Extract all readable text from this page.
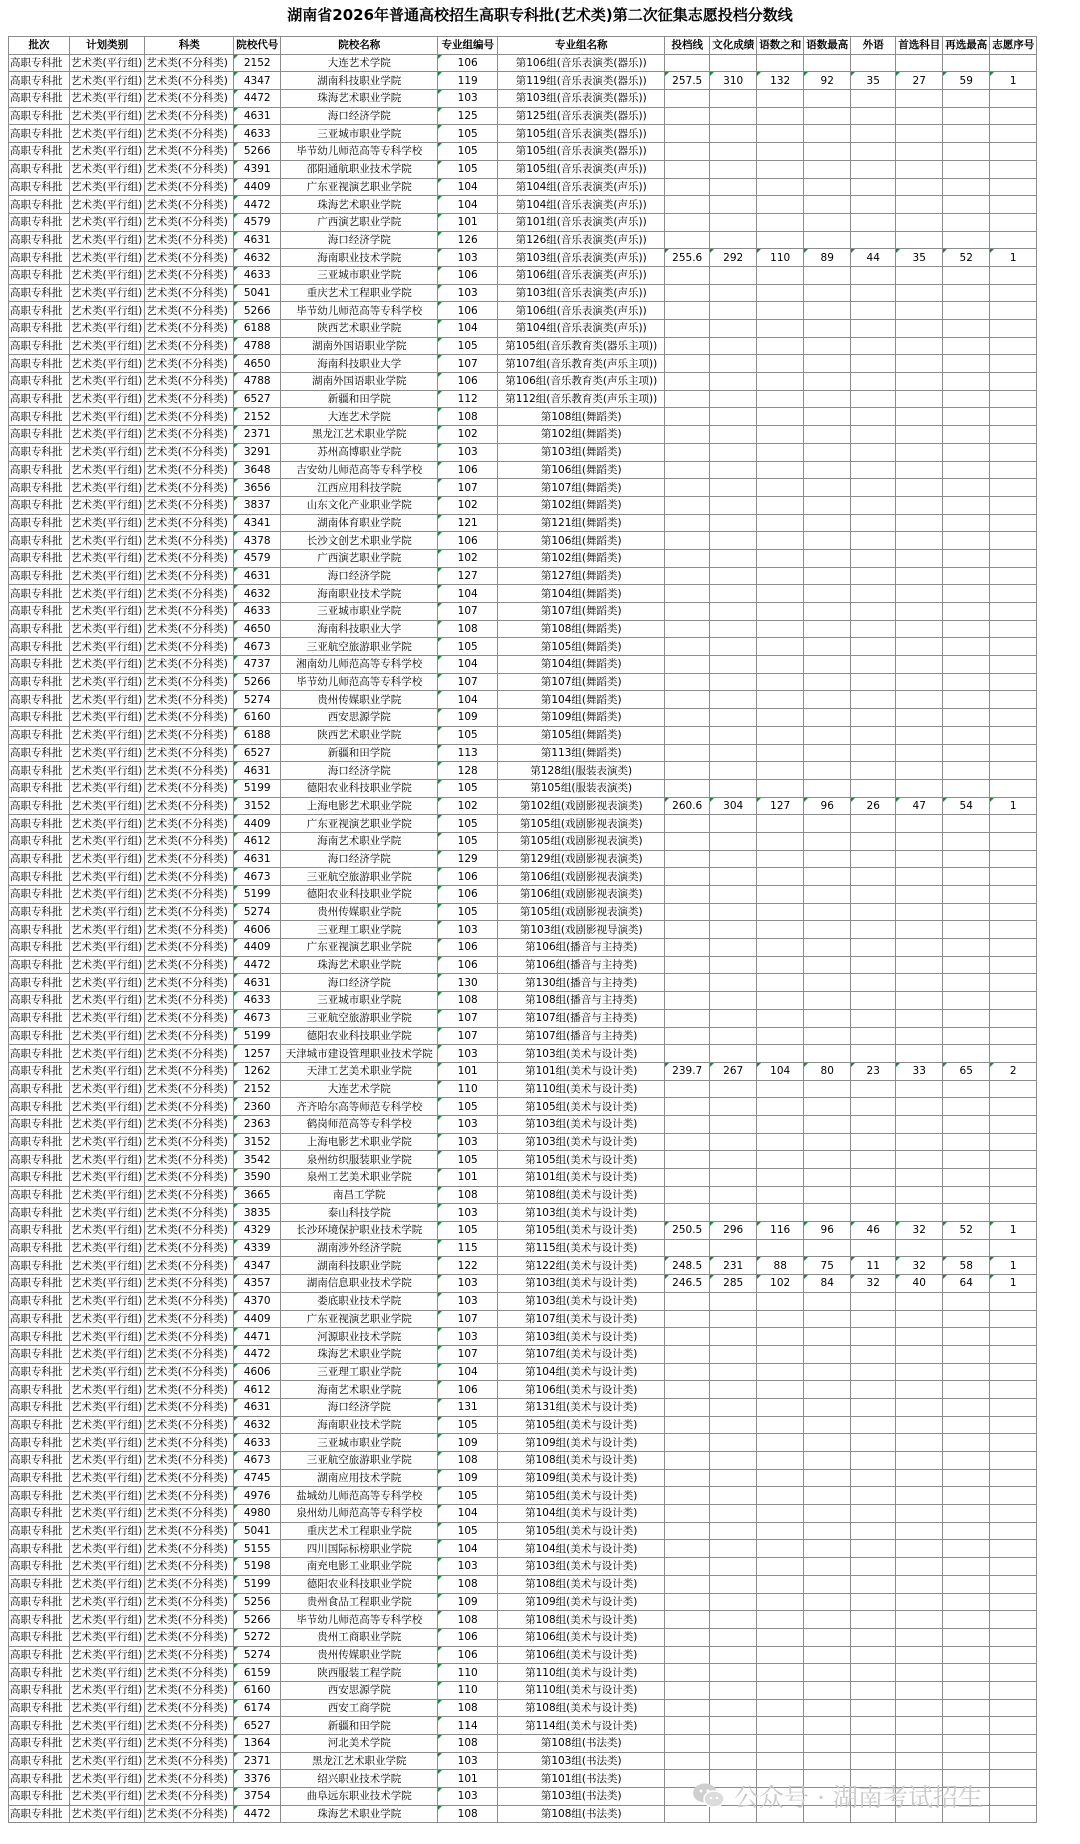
湖南省2026年普通高校招生高职专科批(艺术类)第二次征集志愿投档分数线
批次	计划类别	科类	院校代号	院校名称	专业组编号	专业组名称	投档线	文化成绩	语数之和	语数最高	外语	首选科目	再选最高	志愿序号
高职专科批	艺术类(平行组)	艺术类(不分科类)	2152	大连艺术学院	106	第106组(音乐表演类(器乐))								
高职专科批	艺术类(平行组)	艺术类(不分科类)	4347	湖南科技职业学院	119	第119组(音乐表演类(器乐))	257.5	310	132	92	35	27	59	1
高职专科批	艺术类(平行组)	艺术类(不分科类)	4472	珠海艺术职业学院	103	第103组(音乐表演类(器乐))								
高职专科批	艺术类(平行组)	艺术类(不分科类)	4631	海口经济学院	125	第125组(音乐表演类(器乐))								
高职专科批	艺术类(平行组)	艺术类(不分科类)	4633	三亚城市职业学院	105	第105组(音乐表演类(器乐))								
高职专科批	艺术类(平行组)	艺术类(不分科类)	5266	毕节幼儿师范高等专科学校	105	第105组(音乐表演类(器乐))								
高职专科批	艺术类(平行组)	艺术类(不分科类)	4391	邵阳通航职业技术学院	105	第105组(音乐表演类(声乐))								
高职专科批	艺术类(平行组)	艺术类(不分科类)	4409	广东亚视演艺职业学院	104	第104组(音乐表演类(声乐))								
高职专科批	艺术类(平行组)	艺术类(不分科类)	4472	珠海艺术职业学院	104	第104组(音乐表演类(声乐))								
高职专科批	艺术类(平行组)	艺术类(不分科类)	4579	广西演艺职业学院	101	第101组(音乐表演类(声乐))								
高职专科批	艺术类(平行组)	艺术类(不分科类)	4631	海口经济学院	126	第126组(音乐表演类(声乐))								
高职专科批	艺术类(平行组)	艺术类(不分科类)	4632	海南职业技术学院	103	第103组(音乐表演类(声乐))	255.6	292	110	89	44	35	52	1
高职专科批	艺术类(平行组)	艺术类(不分科类)	4633	三亚城市职业学院	106	第106组(音乐表演类(声乐))								
高职专科批	艺术类(平行组)	艺术类(不分科类)	5041	重庆艺术工程职业学院	103	第103组(音乐表演类(声乐))								
高职专科批	艺术类(平行组)	艺术类(不分科类)	5266	毕节幼儿师范高等专科学校	106	第106组(音乐表演类(声乐))								
高职专科批	艺术类(平行组)	艺术类(不分科类)	6188	陕西艺术职业学院	104	第104组(音乐表演类(声乐))								
高职专科批	艺术类(平行组)	艺术类(不分科类)	4788	湖南外国语职业学院	105	第105组(音乐教育类(器乐主项))								
高职专科批	艺术类(平行组)	艺术类(不分科类)	4650	海南科技职业大学	107	第107组(音乐教育类(声乐主项))								
高职专科批	艺术类(平行组)	艺术类(不分科类)	4788	湖南外国语职业学院	106	第106组(音乐教育类(声乐主项))								
高职专科批	艺术类(平行组)	艺术类(不分科类)	6527	新疆和田学院	112	第112组(音乐教育类(声乐主项))								
高职专科批	艺术类(平行组)	艺术类(不分科类)	2152	大连艺术学院	108	第108组(舞蹈类)								
高职专科批	艺术类(平行组)	艺术类(不分科类)	2371	黑龙江艺术职业学院	102	第102组(舞蹈类)								
高职专科批	艺术类(平行组)	艺术类(不分科类)	3291	苏州高博职业学院	103	第103组(舞蹈类)								
高职专科批	艺术类(平行组)	艺术类(不分科类)	3648	吉安幼儿师范高等专科学校	106	第106组(舞蹈类)								
高职专科批	艺术类(平行组)	艺术类(不分科类)	3656	江西应用科技学院	107	第107组(舞蹈类)								
高职专科批	艺术类(平行组)	艺术类(不分科类)	3837	山东文化产业职业学院	102	第102组(舞蹈类)								
高职专科批	艺术类(平行组)	艺术类(不分科类)	4341	湖南体育职业学院	121	第121组(舞蹈类)								
高职专科批	艺术类(平行组)	艺术类(不分科类)	4378	长沙文创艺术职业学院	106	第106组(舞蹈类)								
高职专科批	艺术类(平行组)	艺术类(不分科类)	4579	广西演艺职业学院	102	第102组(舞蹈类)								
高职专科批	艺术类(平行组)	艺术类(不分科类)	4631	海口经济学院	127	第127组(舞蹈类)								
高职专科批	艺术类(平行组)	艺术类(不分科类)	4632	海南职业技术学院	104	第104组(舞蹈类)								
高职专科批	艺术类(平行组)	艺术类(不分科类)	4633	三亚城市职业学院	107	第107组(舞蹈类)								
高职专科批	艺术类(平行组)	艺术类(不分科类)	4650	海南科技职业大学	108	第108组(舞蹈类)								
高职专科批	艺术类(平行组)	艺术类(不分科类)	4673	三亚航空旅游职业学院	105	第105组(舞蹈类)								
高职专科批	艺术类(平行组)	艺术类(不分科类)	4737	湘南幼儿师范高等专科学校	104	第104组(舞蹈类)								
高职专科批	艺术类(平行组)	艺术类(不分科类)	5266	毕节幼儿师范高等专科学校	107	第107组(舞蹈类)								
高职专科批	艺术类(平行组)	艺术类(不分科类)	5274	贵州传媒职业学院	104	第104组(舞蹈类)								
高职专科批	艺术类(平行组)	艺术类(不分科类)	6160	西安思源学院	109	第109组(舞蹈类)								
高职专科批	艺术类(平行组)	艺术类(不分科类)	6188	陕西艺术职业学院	105	第105组(舞蹈类)								
高职专科批	艺术类(平行组)	艺术类(不分科类)	6527	新疆和田学院	113	第113组(舞蹈类)								
高职专科批	艺术类(平行组)	艺术类(不分科类)	4631	海口经济学院	128	第128组(服装表演类)								
高职专科批	艺术类(平行组)	艺术类(不分科类)	5199	德阳农业科技职业学院	105	第105组(服装表演类)								
高职专科批	艺术类(平行组)	艺术类(不分科类)	3152	上海电影艺术职业学院	102	第102组(戏剧影视表演类)	260.6	304	127	96	26	47	54	1
高职专科批	艺术类(平行组)	艺术类(不分科类)	4409	广东亚视演艺职业学院	105	第105组(戏剧影视表演类)								
高职专科批	艺术类(平行组)	艺术类(不分科类)	4612	海南艺术职业学院	105	第105组(戏剧影视表演类)								
高职专科批	艺术类(平行组)	艺术类(不分科类)	4631	海口经济学院	129	第129组(戏剧影视表演类)								
高职专科批	艺术类(平行组)	艺术类(不分科类)	4673	三亚航空旅游职业学院	106	第106组(戏剧影视表演类)								
高职专科批	艺术类(平行组)	艺术类(不分科类)	5199	德阳农业科技职业学院	106	第106组(戏剧影视表演类)								
高职专科批	艺术类(平行组)	艺术类(不分科类)	5274	贵州传媒职业学院	105	第105组(戏剧影视表演类)								
高职专科批	艺术类(平行组)	艺术类(不分科类)	4606	三亚理工职业学院	103	第103组(戏剧影视导演类)								
高职专科批	艺术类(平行组)	艺术类(不分科类)	4409	广东亚视演艺职业学院	106	第106组(播音与主持类)								
高职专科批	艺术类(平行组)	艺术类(不分科类)	4472	珠海艺术职业学院	106	第106组(播音与主持类)								
高职专科批	艺术类(平行组)	艺术类(不分科类)	4631	海口经济学院	130	第130组(播音与主持类)								
高职专科批	艺术类(平行组)	艺术类(不分科类)	4633	三亚城市职业学院	108	第108组(播音与主持类)								
高职专科批	艺术类(平行组)	艺术类(不分科类)	4673	三亚航空旅游职业学院	107	第107组(播音与主持类)								
高职专科批	艺术类(平行组)	艺术类(不分科类)	5199	德阳农业科技职业学院	107	第107组(播音与主持类)								
高职专科批	艺术类(平行组)	艺术类(不分科类)	1257	天津城市建设管理职业技术学院	103	第103组(美术与设计类)								
高职专科批	艺术类(平行组)	艺术类(不分科类)	1262	天津工艺美术职业学院	101	第101组(美术与设计类)	239.7	267	104	80	23	33	65	2
高职专科批	艺术类(平行组)	艺术类(不分科类)	2152	大连艺术学院	110	第110组(美术与设计类)								
高职专科批	艺术类(平行组)	艺术类(不分科类)	2360	齐齐哈尔高等师范专科学校	105	第105组(美术与设计类)								
高职专科批	艺术类(平行组)	艺术类(不分科类)	2363	鹤岗师范高等专科学校	103	第103组(美术与设计类)								
高职专科批	艺术类(平行组)	艺术类(不分科类)	3152	上海电影艺术职业学院	103	第103组(美术与设计类)								
高职专科批	艺术类(平行组)	艺术类(不分科类)	3542	泉州纺织服装职业学院	105	第105组(美术与设计类)								
高职专科批	艺术类(平行组)	艺术类(不分科类)	3590	泉州工艺美术职业学院	101	第101组(美术与设计类)								
高职专科批	艺术类(平行组)	艺术类(不分科类)	3665	南昌工学院	108	第108组(美术与设计类)								
高职专科批	艺术类(平行组)	艺术类(不分科类)	3835	泰山科技学院	103	第103组(美术与设计类)								
高职专科批	艺术类(平行组)	艺术类(不分科类)	4329	长沙环境保护职业技术学院	105	第105组(美术与设计类)	250.5	296	116	96	46	32	52	1
高职专科批	艺术类(平行组)	艺术类(不分科类)	4339	湖南涉外经济学院	115	第115组(美术与设计类)								
高职专科批	艺术类(平行组)	艺术类(不分科类)	4347	湖南科技职业学院	122	第122组(美术与设计类)	248.5	231	88	75	11	32	58	1
高职专科批	艺术类(平行组)	艺术类(不分科类)	4357	湖南信息职业技术学院	103	第103组(美术与设计类)	246.5	285	102	84	32	40	64	1
高职专科批	艺术类(平行组)	艺术类(不分科类)	4370	娄底职业技术学院	103	第103组(美术与设计类)								
高职专科批	艺术类(平行组)	艺术类(不分科类)	4409	广东亚视演艺职业学院	107	第107组(美术与设计类)								
高职专科批	艺术类(平行组)	艺术类(不分科类)	4471	河源职业技术学院	103	第103组(美术与设计类)								
高职专科批	艺术类(平行组)	艺术类(不分科类)	4472	珠海艺术职业学院	107	第107组(美术与设计类)								
高职专科批	艺术类(平行组)	艺术类(不分科类)	4606	三亚理工职业学院	104	第104组(美术与设计类)								
高职专科批	艺术类(平行组)	艺术类(不分科类)	4612	海南艺术职业学院	106	第106组(美术与设计类)								
高职专科批	艺术类(平行组)	艺术类(不分科类)	4631	海口经济学院	131	第131组(美术与设计类)								
高职专科批	艺术类(平行组)	艺术类(不分科类)	4632	海南职业技术学院	105	第105组(美术与设计类)								
高职专科批	艺术类(平行组)	艺术类(不分科类)	4633	三亚城市职业学院	109	第109组(美术与设计类)								
高职专科批	艺术类(平行组)	艺术类(不分科类)	4673	三亚航空旅游职业学院	108	第108组(美术与设计类)								
高职专科批	艺术类(平行组)	艺术类(不分科类)	4745	湖南应用技术学院	109	第109组(美术与设计类)								
高职专科批	艺术类(平行组)	艺术类(不分科类)	4976	盐城幼儿师范高等专科学校	105	第105组(美术与设计类)								
高职专科批	艺术类(平行组)	艺术类(不分科类)	4980	泉州幼儿师范高等专科学校	104	第104组(美术与设计类)								
高职专科批	艺术类(平行组)	艺术类(不分科类)	5041	重庆艺术工程职业学院	105	第105组(美术与设计类)								
高职专科批	艺术类(平行组)	艺术类(不分科类)	5155	四川国际标榜职业学院	104	第104组(美术与设计类)								
高职专科批	艺术类(平行组)	艺术类(不分科类)	5198	南充电影工业职业学院	103	第103组(美术与设计类)								
高职专科批	艺术类(平行组)	艺术类(不分科类)	5199	德阳农业科技职业学院	108	第108组(美术与设计类)								
高职专科批	艺术类(平行组)	艺术类(不分科类)	5256	贵州食品工程职业学院	109	第109组(美术与设计类)								
高职专科批	艺术类(平行组)	艺术类(不分科类)	5266	毕节幼儿师范高等专科学校	108	第108组(美术与设计类)								
高职专科批	艺术类(平行组)	艺术类(不分科类)	5272	贵州工商职业学院	106	第106组(美术与设计类)								
高职专科批	艺术类(平行组)	艺术类(不分科类)	5274	贵州传媒职业学院	106	第106组(美术与设计类)								
高职专科批	艺术类(平行组)	艺术类(不分科类)	6159	陕西服装工程学院	110	第110组(美术与设计类)								
高职专科批	艺术类(平行组)	艺术类(不分科类)	6160	西安思源学院	110	第110组(美术与设计类)								
高职专科批	艺术类(平行组)	艺术类(不分科类)	6174	西安工商学院	108	第108组(美术与设计类)								
高职专科批	艺术类(平行组)	艺术类(不分科类)	6527	新疆和田学院	114	第114组(美术与设计类)								
高职专科批	艺术类(平行组)	艺术类(不分科类)	1364	河北美术学院	108	第108组(书法类)								
高职专科批	艺术类(平行组)	艺术类(不分科类)	2371	黑龙江艺术职业学院	103	第103组(书法类)								
高职专科批	艺术类(平行组)	艺术类(不分科类)	3376	绍兴职业技术学院	101	第101组(书法类)								
高职专科批	艺术类(平行组)	艺术类(不分科类)	3754	曲阜远东职业技术学院	103	第103组(书法类)								
高职专科批	艺术类(平行组)	艺术类(不分科类)	4472	珠海艺术职业学院	108	第108组(书法类)								
公众号 · 湖南考试招生
